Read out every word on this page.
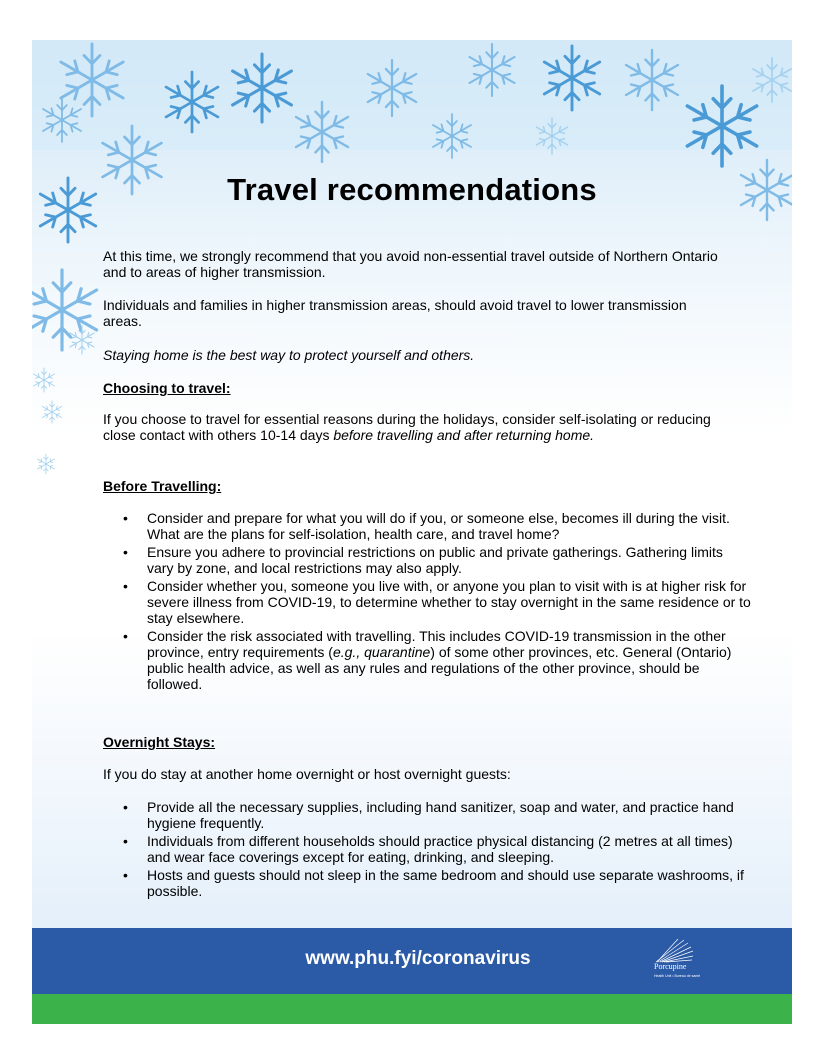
Travel recommendations

At this time, we strongly recommend that you avoid non-essential travel outside of Northern Ontario and to areas of higher transmission.

Individuals and families in higher transmission areas, should avoid travel to lower transmission areas.

Staying home is the best way to protect yourself and others.

Choosing to travel:

If you choose to travel for essential reasons during the holidays, consider self-isolating or reducing close contact with others 10-14 days before travelling and after returning home.

Before Travelling:
• Consider and prepare for what you will do if you, or someone else, becomes ill during the visit. What are the plans for self-isolation, health care, and travel home?
• Ensure you adhere to provincial restrictions on public and private gatherings. Gathering limits vary by zone, and local restrictions may also apply.
• Consider whether you, someone you live with, or anyone you plan to visit with is at higher risk for severe illness from COVID-19, to determine whether to stay overnight in the same residence or to stay elsewhere.
• Consider the risk associated with travelling. This includes COVID-19 transmission in the other province, entry requirements (e.g., quarantine) of some other provinces, etc. General (Ontario) public health advice, as well as any rules and regulations of the other province, should be followed.
Overnight Stays:

If you do stay at another home overnight or host overnight guests:

• Provide all the necessary supplies, including hand sanitizer, soap and water, and practice hand hygiene frequently.
• Individuals from different households should practice physical distancing (2 metres at all times) and wear face coverings except for eating, drinking, and sleeping.
• Hosts and guests should not sleep in the same bedroom and should use separate washrooms, if possible.
www.phu.fyi/coronavirus	Porcupine
Health Unit • Bureau de santé
